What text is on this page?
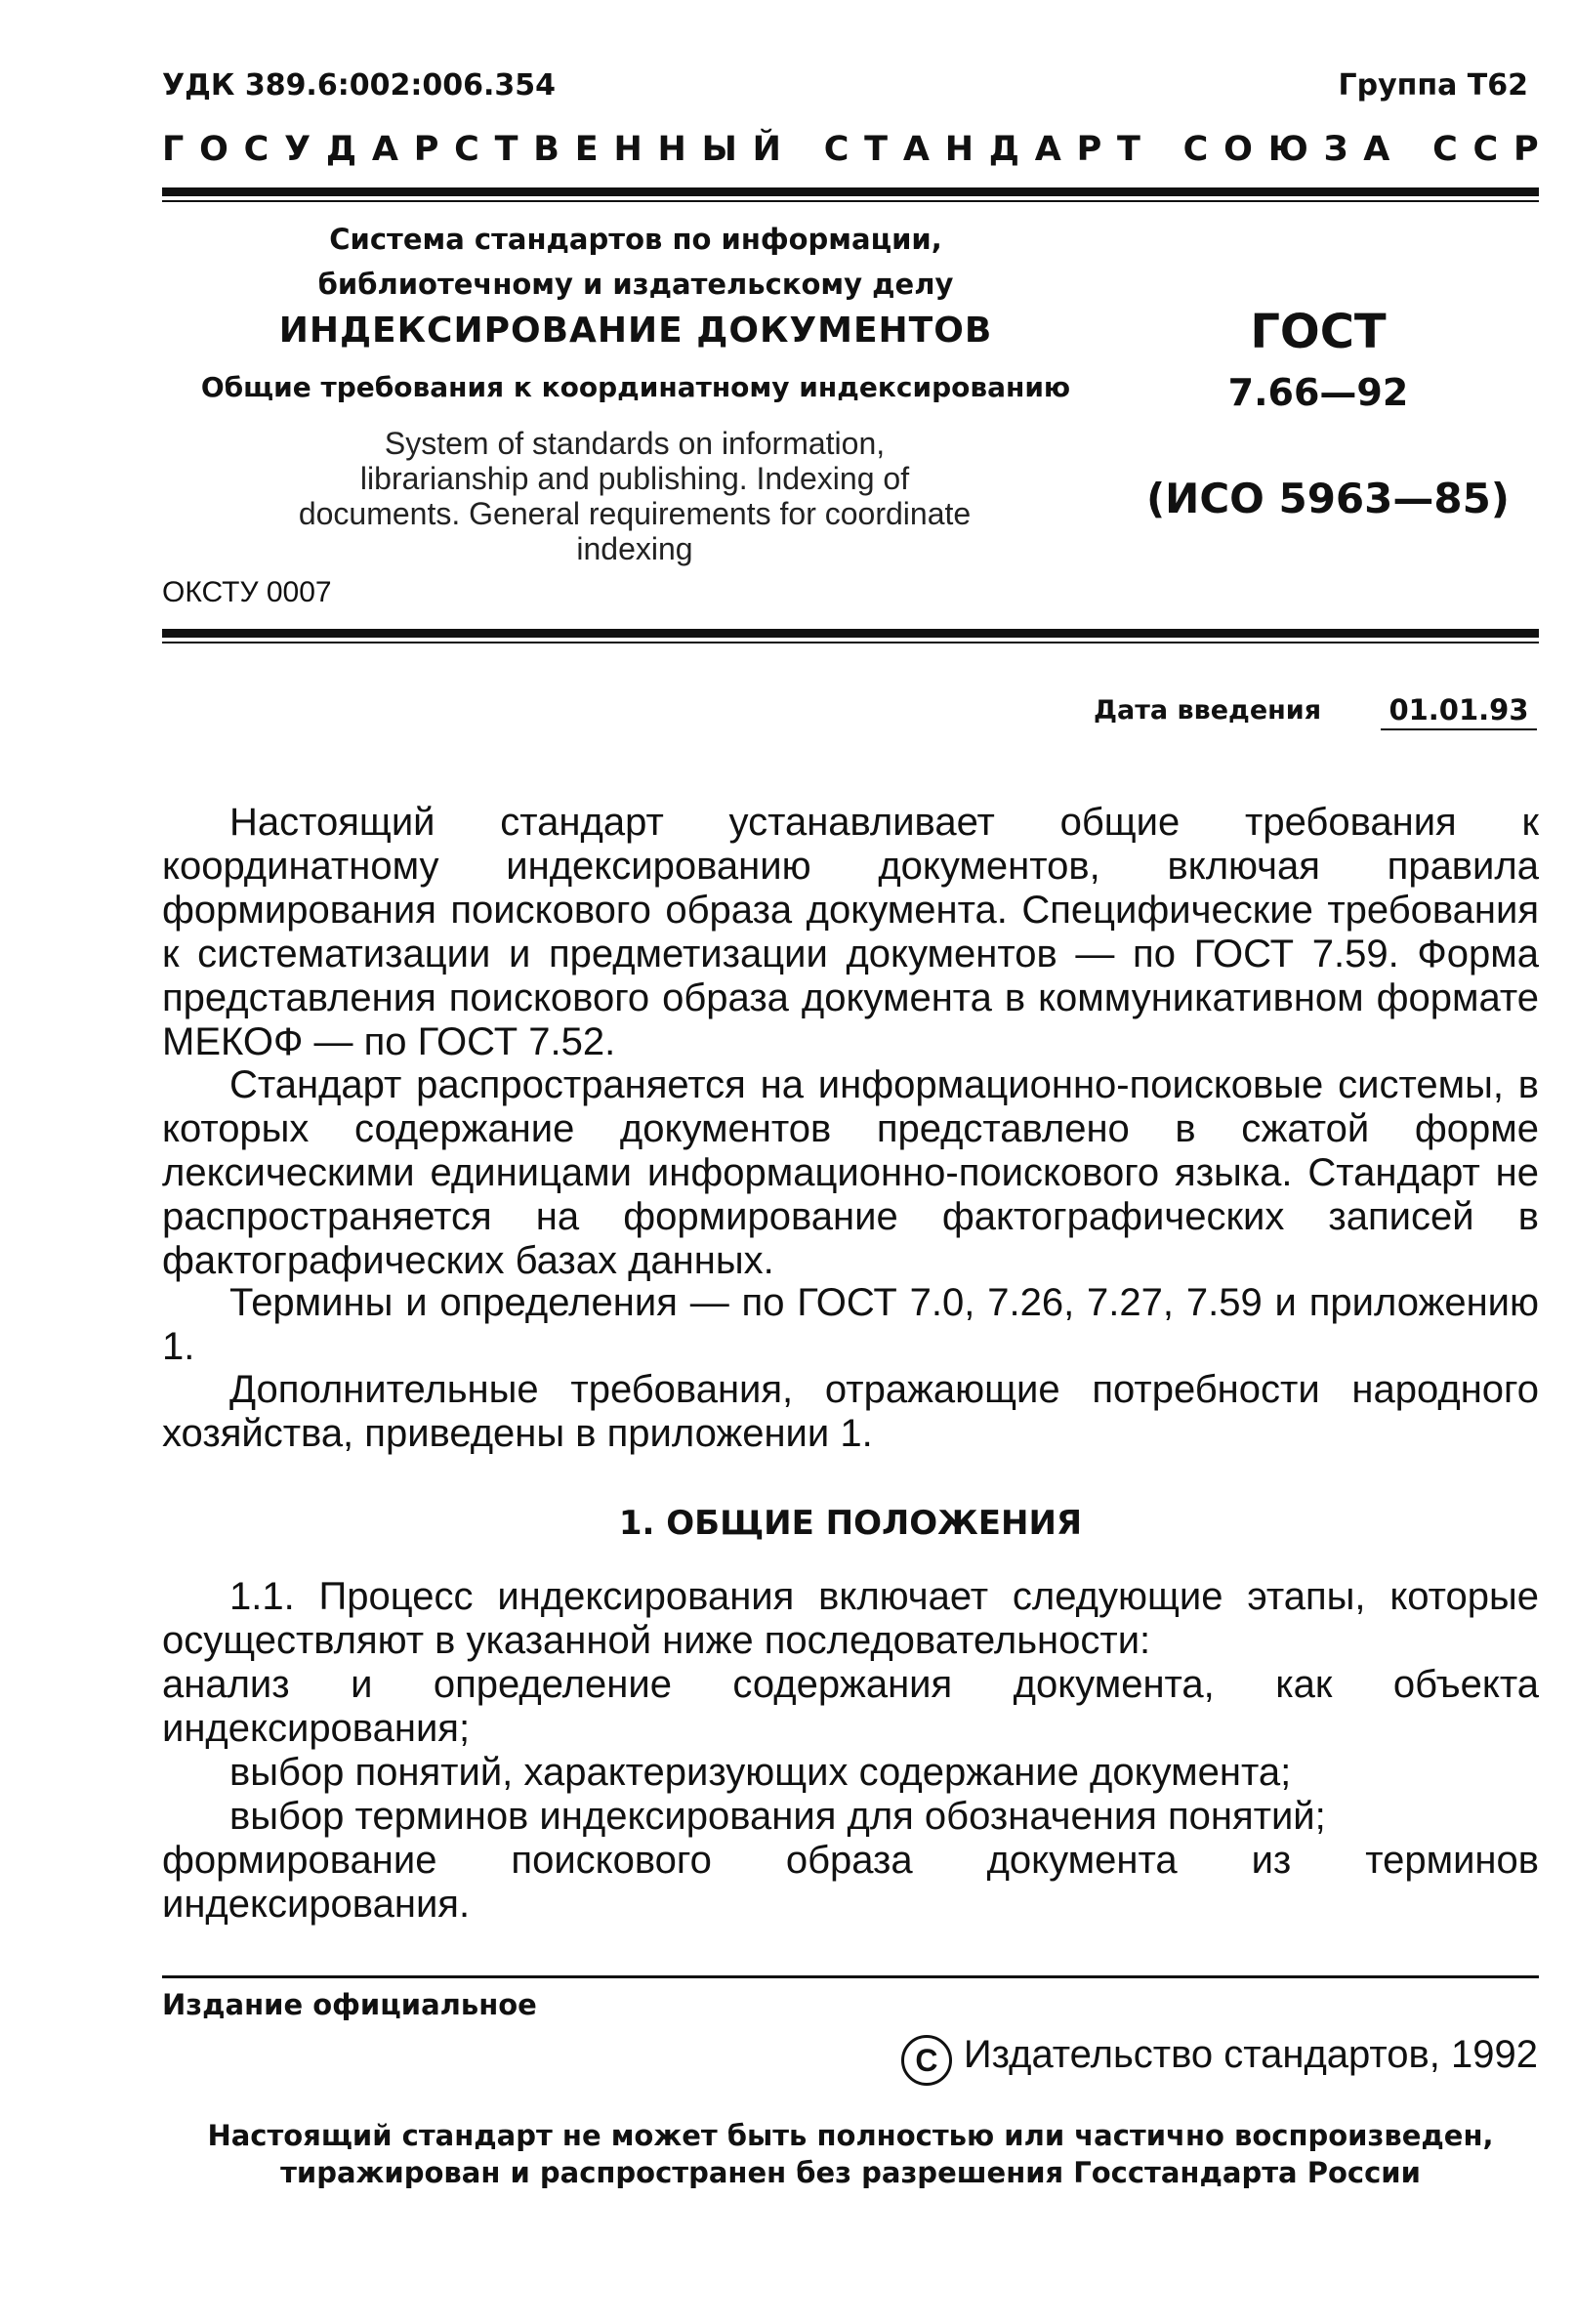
УДК 389.6:002:006.354	Группа Т62
Г О С У Д А Р С Т В Е Н Н Ы Й
С Т А Н Д А Р Т
С О Ю З А
С С Р
Система стандартов по информации,
библиотечному и издательскому делу
ИНДЕКСИРОВАНИЕ ДОКУМЕНТОВ
Общие требования к координатному индексированию
System of standards on information,
librarianship and publishing. Indexing of
documents. General requirements for coordinate
indexing
ОКСТУ 0007
ГОСТ
7.66—92
(ИСО 5963—85)
Дата введения 01.01.93
Настоящий стандарт устанавливает общие требования к координатному индексированию документов, включая правила формирования поискового образа документа. Специфические требования к систематизации и предметизации документов — по ГОСТ 7.59. Форма представления поискового образа документа в коммуникативном формате МЕКОФ — по ГОСТ 7.52.
Стандарт распространяется на информационно-поисковые системы, в которых содержание документов представлено в сжатой форме лексическими единицами информационно-поискового языка. Стандарт не распространяется на формирование фактографических записей в фактографических базах данных.
Термины и определения — по ГОСТ 7.0, 7.26, 7.27, 7.59 и приложению 1.
Дополнительные требования, отражающие потребности народного хозяйства, приведены в приложении 1.
1. ОБЩИЕ ПОЛОЖЕНИЯ
1.1. Процесс индексирования включает следующие этапы, которые осуществляют в указанной ниже последовательности:
анализ и определение содержания документа, как объекта индексирования;
выбор понятий, характеризующих содержание документа;
выбор терминов индексирования для обозначения понятий;
формирование поискового образа документа из терминов индексирования.
Издание официальное
C Издательство стандартов, 1992
Настоящий стандарт не может быть полностью или частично воспроизведен,
тиражирован и распространен без разрешения Госстандарта России
